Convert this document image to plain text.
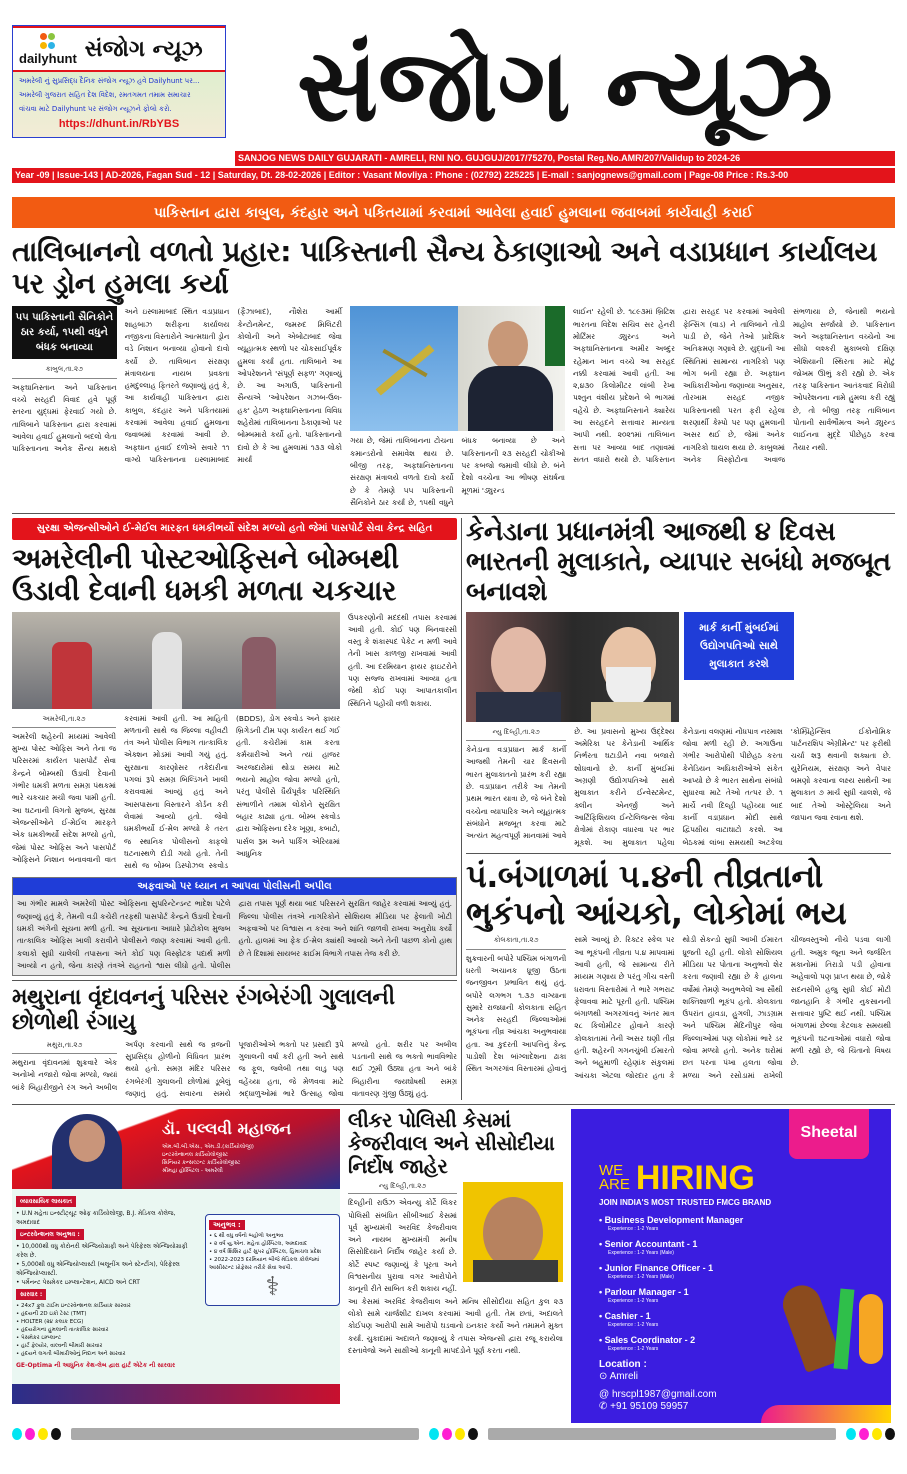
dailyhunt સંજોગ ન્યૂઝ
અમરેલી નું સુપ્રસિદ્ધ દૈનિક સંજોગ ન્યૂઝ હવે Dailyhunt પર...
અમરેલી ગુજરાત સહિત દેશ વિદેશ, રમતગમત તમામ સમાચાર
વાંચવા માટે Dailyhunt પર સંજોગ ન્યૂઝને ફોલો કરો.
https://dhunt.in/RbYBS	સંજોગ ન્યૂઝ
SANJOG NEWS DAILY GUJARATI - AMRELI, RNI NO. GUJGUJ/2017/75270, Postal Reg.No.AMR/207/Validup to 2024-26
Year -09 | Issue-143 | AD-2026, Fagan Sud - 12 | Saturday, Dt. 28-02-2026 | Editor : Vasant Movliya : Phone : (02792) 225225 | E-mail : sanjognews@gmail.com | Page-08 Price : Rs.3-00
પાકિસ્તાન દ્વારા કાબુલ, કંદહાર અને પકિતયામાં કરવામાં આવેલા હવાઈ હુમલાના જવાબમાં કાર્યવાહી કરાઈ
તાલિબાનનો વળતો પ્રહાર: પાકિસ્તાની સૈન્ય ઠેકાણાઓ અને વડાપ્રધાન કાર્યાલય પર ડ્રોન હુમલા કર્યા
૫૫ પાકિસ્તાની સૈનિકોને ઠાર કર્યા, ૧૫થી વધુને બંધક બનાવ્યા
કાબુલ,તા.૨૭
અફઘાનિસ્તાન અને પાકિસ્તાન વચ્ચે સરહદી વિવાદ હવે પૂર્ણ સ્તરના યુદ્ધમાં ફેરવાઈ ગયો છે. તાલિબાને પાકિસ્તાન દ્વારા કરવામાં આવેલા હવાઈ હુમલાનો બદલો લેતા પાકિસ્તાનના અનેક સૈન્ય મથકો અને ઇસ્લામાબાદ સ્થિત વડાપ્રધાન શાહબાઝ શરીફના કાર્યાલય નજીકના વિસ્તારોને આત્મઘાતી ડ્રોન વડે નિશાન બનાવ્યા હોવાનો દાવો કર્યો છે. તાલિબાન સંરક્ષણ મંત્રાલયના નાયબ પ્રવક્તા હમદુલ્લાહ ફિતરતે જણાવ્યું હતું કે, આ કાર્યવાહી પાકિસ્તાન દ્વારા કાબુલ, કંદહાર અને પકિતયામાં કરવામાં આવેલા હવાઈ હુમલાના જવાબમાં કરવામાં આવી છે. અફઘાન હવાઈ દળોએ સવારે ૧૧ વાગ્યે પાકિસ્તાનના ઇસ્લામાબાદ (ફૈઝાબાદ), નૌશેરા આર્મી કેન્ટોનમેન્ટ, જમરુદ મિલિટરી કોલોની અને એબોટાબાદ જેવા વ્યૂહાત્મક સ્થળો પર ચોકસાઈપૂર્વક હુમલા કર્યા હતા. તાલિબાને આ ઓપરેશનને 'સંપૂર્ણ સફળ' ગણાવ્યું છે. આ અગાઉ, પાકિસ્તાની સૈન્યએ 'ઓપરેશન ગઝબ-ઉલ-હક' હેઠળ અફઘાનિસ્તાનના વિવિધ શહેરોમાં તાલિબાનના ઠેકાણાઓ પર બોમ્બમારો કર્યો હતો. પાકિસ્તાનનો દાવો છે કે આ હુમલામાં ૧૩૩ લોકો માર્યા
ગયા છે, જેમાં તાલિબાનના ટોચના કમાન્ડરોનો સમાવેશ થાય છે. બીજી તરફ, અફઘાનિસ્તાનના સંરક્ષણ મંત્રાલયે વળતો દાવો કર્યો છે કે તેમણે ૫૫ પાકિસ્તાની સૈનિકોને ઠાર કર્યા છે, ૧૫થી વધુને બંધક બનાવ્યા છે અને પાકિસ્તાનની ૨૩ સરહદી ચોકીઓ પર કબજો જમાવી લીધો છે. બંને દેશો વચ્ચેના આ ભીષણ સંઘર્ષના મૂળમાં 'ડ્યુરન્ડ
લાઈન' રહેલી છે. ૧૮૯૩માં બ્રિટિશ ભારતના વિદેશ સચિવ સર હેનરી મોર્ટિમર ડ્યુરન્ડ અને અફઘાનિસ્તાનના અમીર અબ્દુર રહેમાન ખાન વચ્ચે આ સરહદ નક્કી કરવામાં આવી હતી. આ ૨,૪૩૦ કિલોમીટર લાંબી રેખા પશ્તુન વંશીય પ્રદેશને બે ભાગમાં વહેંચે છે. અફઘાનિસ્તાને ક્યારેય આ સરહદને સત્તાવાર માન્યતા આપી નથી. ૨૦૨૧માં તાલિબાન સત્તા પર આવ્યા બાદ તણાવમાં સતત વધારો થયો છે. પાકિસ્તાન દ્વારા સરહદ પર કરવામાં આવેલી ફેન્સિંગ (વાડ) ને તાલિબાને તોડી પાડી છે, જેને તેઓ પ્રાદેશિક અતિક્રમણ ગણાવે છે. યુદ્ધની આ સ્થિતિમાં સામાન્ય નાગરિકો પણ ભોગ બની રહ્યા છે. અફઘાન અધિકારીઓના જણાવ્યા અનુસાર, તોરખામ સરહદ નજીક પાકિસ્તાનથી પરત ફરી રહેલા શરણાર્થી કેમ્પો પર પણ હુમલાની અસર થઈ છે, જેમાં અનેક નાગરિકો ઘાયલ થયા છે. કાબુલમાં અનેક વિસ્ફોટોના અવાજ સંભળાયા છે, જેનાથી ભયનો માહોલ સર્જાયો છે. પાકિસ્તાન અને અફઘાનિસ્તાન વચ્ચેનો આ સીધો લશ્કરી મુકાબલો દક્ષિણ એશિયાની સ્થિરતા માટે મોટું જોખમ ઊભું કરી રહ્યો છે. એક તરફ પાકિસ્તાન આતંકવાદ વિરોધી ઓપરેશનના નામે હુમલા કરી રહ્યું છે, તો બીજી તરફ તાલિબાન પોતાની સાર્વભૌમત્વ અને ડ્યુરન્ડ લાઈનના મુદ્દે પીછેહઠ કરવા તૈયાર નથી.
સુરક્ષા એજન્સીઓને ઈ-મેઈલ મારફત ધમકીભર્યો સંદેશ મળ્યો હતો જેમાં પાસપોર્ટ સેવા કેન્દ્ર સહિત
અમરેલીની પોસ્ટઓફિસને બોમ્બથી ઉડાવી દેવાની ધમકી મળતા ચકચાર
અમરેલી,તા.૨૭
અમરેલી શહેરની મધ્યમાં આવેલી મુખ્ય પોસ્ટ ઓફિસ અને તેના જ પરિસરમાં કાર્યરત પાસપોર્ટ સેવા કેન્દ્રને બોમ્બથી ઉડાવી દેવાની ગંભીર ધમકી મળતા સમગ્ર પંથકમાં ભારે ચકચાર મચી જવા પામી હતી. આ ઘટનાની વિગતો મુજબ, સુરક્ષા એજન્સીઓને ઈ-મેઈલ મારફતે એક ધમકીભર્યો સંદેશ મળ્યો હતો, જેમાં પોસ્ટ ઓફિસ અને પાસપોર્ટ ઓફિસને નિશાન બનાવવાની વાત કરવામાં આવી હતી. આ માહિતી મળતાની સાથે જ જિલ્લા વહીવટી તંત્ર અને પોલીસ વિભાગ તાત્કાલિક એક્શન મોડમાં આવી ગયું હતું. સુરક્ષાના કારણોસર તકેદારીના પગલાં રૂપે સમગ્ર બિલ્ડિંગને ખાલી કરાવવામાં આવ્યું હતું અને આસપાસના વિસ્તારને કોર્ડન કરી લેવામાં આવ્યો હતો. જેવો ધમકીભર્યો ઈ-મેલ મળ્યો કે તરત જ સ્થાનિક પોલીસનો કાફલો ઘટનાસ્થળે દોડી ગયો હતો. તેની સાથે જ બોમ્બ ડિસ્પોઝલ સ્કવોડ (BDDS), ડોગ સ્કવોડ અને ફાયર બ્રિગેડની ટીમ પણ કાર્યરત થઈ ગઈ હતી. કચેરીમાં કામ કરતા કર્મચારીઓ અને ત્યાં હાજર અરજદારોમાં થોડા સમય માટે ભયનો માહોલ જોવા મળ્યો હતો, પરંતુ પોલીસે ધૈર્યપૂર્વક પરિસ્થિતિ સંભાળીને તમામ લોકોને સુરક્ષિત બહાર કાઢ્યા હતા. બોમ્બ સ્કવોડ દ્વારા ઓફિસના દરેક ખૂણા, કબાટો, પાર્સલ રૂમ અને પાર્કિંગ એરિયામાં આધુનિક
ઉપકરણોની મદદથી તપાસ કરવામાં આવી હતી. કોઈ પણ બિનવારસી વસ્તુ કે શંકાસ્પદ પેકેટ ન મળી આવે તેની ખાસ કાળજી રાખવામાં આવી હતી. આ દરમિયાન ફાયર ફાઇટરોને પણ સજ્જ રાખવામાં આવ્યા હતા જેથી કોઈ પણ આપાતકાલીન સ્થિતિને પહોંચી વળી શકાય.
અફવાઓ પર ધ્યાન ન આપવા પોલીસની અપીલ
આ ગંભીર મામલે અમરેલી પોસ્ટ ઓફિસના સુપરિન્ટેન્ડન્ટ ભાદેશ પટેલે જણાવ્યું હતું કે, તેમની વડી કચેરી તરફથી પાસપોર્ટ કેન્દ્રને ઉડાવી દેવાની ધમકી અંગેની સૂચના મળી હતી. આ સૂચનાના આધારે પ્રોટોકોલ મુજબ તાત્કાલિક ઓફિસ ખાલી કરાવીને પોલીસને જાણ કરવામાં આવી હતી. કલાકો સુધી ચાલેલી તપાસના અંતે કોઈ પણ વિસ્ફોટક પદાર્થ મળી આવ્યો ન હતો, જેના કારણે તંત્રએ રાહતનો શ્વાસ લીધો હતો. પોલીસ દ્વારા તપાસ પૂર્ણ થયા બાદ પરિસરને સુરક્ષિત જાહેર કરવામાં આવ્યું હતું. જિલ્લા પોલીસ તંત્રએ નાગરિકોને સોશિયલ મીડિયા પર ફેલાતી ખોટી અફવાઓ પર વિશ્વાસ ન કરવા અને શાંતિ જાળવી રાખવા અનુરોધ કર્યો હતો. હાલમાં આ ફેક ઈ-મેલ ક્યાંથી આવ્યો અને તેની પાછળ કોનો હાથ છે તે દિશામાં સાયબર ક્રાઈમ વિભાગે તપાસ તેજ કરી છે.
મથુરાના વૃંદાવનનું પરિસર રંગબેરંગી ગુલાલની છોળોથી રંગાયુ
મથુરા,તા.૨૭
મથુરાના વૃંદાવનમાં શુક્રવારે એક અનોખો નજારો જોવા મળ્યો, જ્યાં બાંકે બિહારીજીને રંગ અને અબીલ અર્પણ કરવાની સાથે જ વ્રજની સુપ્રસિદ્ધ હોળીનો વિધિવત પ્રારંભ થયો હતો. સમગ્ર મંદિર પરિસર રંગબેરંગી ગુલાલની છોળોમાં ડૂબેલું જણાતું હતું. સવારના સમયે પૂજારીઓએ ભક્તો પર પ્રસાદી રૂપે ગુલાલની વર્ષા કરી હતી અને સાથે જ ફૂલ, જલેબી તથા લાડુ પણ વહેંચ્યા હતા, જે મેળવવા માટે શ્રદ્ધાળુઓમાં ભારે ઉત્સાહ જોવા મળ્યો હતો. શરીર પર અબીલ પડતાની સાથે જ ભક્તો ભાવવિભોર થઈ ઝૂમી ઉઠ્યા હતા અને બાંકે બિહારીના જયઘોષથી સમગ્ર વાતાવરણ ગુંજી ઉઠ્યું હતું.
કેનેડાના પ્રધાનમંત્રી આજથી ૪ દિવસ ભારતની મુલાકાતે, વ્યાપાર સબંધો મજબૂત બનાવશે
માર્ક કાર્ની મુંબઈમાં ઉદ્યોગપતિઓ સાથે મુલાકાત કરશે
ન્યુ દિલ્હી,તા.૨૭
કેનેડાના વડાપ્રધાન માર્ક કાર્ની આજથી તેમની ચાર દિવસની ભારત મુલાકાતનો પ્રારંભ કરી રહ્યા છે. વડાપ્રધાન તરીકે આ તેમની પ્રથમ ભારત યાત્રા છે, જે બંને દેશો વચ્ચેના વ્યાપારિક અને વ્યૂહાત્મક સંબંધોને મજબૂત કરવા માટે અત્યંત મહત્વપૂર્ણ માનવામાં આવે છે. આ પ્રવાસનો મુખ્ય ઉદ્દેશ્ય અમેરિકા પર કેનેડાની આર્થિક નિર્ભરતા ઘટાડીને નવા બજારો શોધવાનો છે. કાર્ની મુંબઈમાં અગ્રણી ઉદ્યોગપતિઓ સાથે મુલાકાત કરીને ઈન્વેસ્ટમેન્ટ, ક્લીન એનર્જી અને આર્ટિફિશિયલ ઈન્ટેલિજન્સ જેવા ક્ષેત્રોમાં રોકાણ વધારવા પર ભાર મૂકશે. આ મુલાકાત પહેલા કેનેડાના વલણમાં નોંધપાત્ર નરમાશ જોવા મળી રહી છે. અગાઉના ગંભીર આરોપોથી પીછેહઠ કરતા કેનેડિયન અધિકારીઓએ સંકેત આપ્યો છે કે ભારત સાથેના સંબંધો સુધારવા માટે તેઓ તત્પર છે. ૧ માર્ચે નવી દિલ્હી પહોંચ્યા બાદ કાર્ની વડાપ્રધાન મોદી સાથે દ્વિપક્ષીય વાટાઘાટો કરશે. આ બેઠકમાં લાંબા સમયથી અટકેલા 'કોમ્પ્રિહેન્સિવ ઈકોનોમિક પાર્ટનરશિપ એગ્રીમેન્ટ' પર ફરીથી ચર્ચા શરૂ થવાની શક્યતા છે. યુરેનિયમ, સંરક્ષણ અને વેપાર બમણો કરવાના લક્ષ્ય સાથેની આ મુલાકાત ૭ માર્ચ સુધી ચાલશે, જે બાદ તેઓ ઓસ્ટ્રેલિયા અને જાપાન જવા રવાના થશે.
પં.બંગાળમાં ૫.૪ની તીવ્રતાનો ભુકંપનો આંચકો, લોકોમાં ભય
કોલકાતા,તા.૨૭
શુક્રવારની બપોરે પશ્ચિમ બંગાળની ધરતી અચાનક ધ્રૂજી ઉઠતા જનજીવન પ્રભાવિત થયું હતું. બપોરે લગભગ ૧.૩૭ વાગ્યાના સુમારે રાજધાની કોલકાતા સહિત અનેક સરહદી જિલ્લાઓમાં ભૂકંપના તીવ્ર આંચકા અનુભવાયા હતા. આ કુદરતી આપત્તિનું કેન્દ્ર પાડોશી દેશ બાંગ્લાદેશના ઢાકા સ્થિત અગરગાંવ વિસ્તારમાં હોવાનું સામે આવ્યું છે. રિક્ટર સ્કેલ પર આ ભૂકંપની તીવ્રતા ૫.૪ માપવામાં આવી હતી, જે સામાન્ય રીતે મધ્યમ ગણાય છે પરંતુ ગીચ વસ્તી ધરાવતા વિસ્તારોમાં તે ભારે ગભરાટ ફેલાવવા માટે પૂરતી હતી. પશ્ચિમ બંગાળથી અગરગાંવનું અંતર માત્ર ૨૮ કિલોમીટર હોવાને કારણે કોલકાતામાં તેની અસર ઘણી તીવ્ર હતી. શહેરની ગગનચુંબી ઈમારતો અને બહુમાળી રહેણાંક સંકુલમાં આંચકા એટલા જોરદાર હતા કે થોડી સેકન્ડો સુધી આખી ઈમારત ધ્રૂજતી રહી હતી. લોકો સોશિયલ મીડિયા પર પોતાના અનુભવો શેર કરતા જણાવી રહ્યા છે કે હાલના વર્ષોમાં તેમણે અનુભવેલો આ સૌથી શક્તિશાળી ભૂકંપ હતો. કોલકાતા ઉપરાંત હાવડા, હુગલી, ઝાડગ્રામ અને પશ્ચિમ મેદિનીપુર જેવા જિલ્લાઓમાં પણ લોકોમાં ભારે ડર જોવા મળ્યો હતો. અનેક ઘરોમાં છત પરના પંખા હલતા જોવા મળ્યા અને રસોડામાં રાખેલી ચીજવસ્તુઓ નીચે પડવા લાગી હતી. અમુક જૂના અને જર્જરિત મકાનોમાં તિરાડો પડી હોવાના અહેવાલો પણ પ્રાપ્ત થયા છે, જોકે સદનસીબે હજુ સુધી કોઈ મોટી જાનહાનિ કે ગંભીર નુકસાનની સત્તાવાર પુષ્ટિ થઈ નથી. પશ્ચિમ બંગાળમાં છેલ્લા કેટલાક સમયથી ભૂકંપની ઘટનાઓમાં વધારો જોવા મળી રહ્યો છે, જે ચિંતાનો વિષય છે.
ડૉ. પલ્લવી મહાજન
એમ.બી.બી.એસ., એમ.ડી.(કાર્ડિયોલોજી)
ઇન્ટરવેન્શનલ કાર્ડિયોલોજીસ્ટ
સિનિયર કન્સલ્ટન્ટ કાર્ડિયોલોજીસ્ટ
શ્રીમહા હોસ્પિટલ - અમરેલી
વ્યાવસાયિક લાયકાત
• U.N મહેતા ઇન્સ્ટીટ્યૂટ ઓફ કાર્ડિયોલોજી, B.J. મેડિકલ કોલેજ, અમદાવાદ
ઇન્ટરવેન્શનલ અનુભવ :
• 10,000થી વધુ કોરોનરી એન્જિયોગ્રાફી અને પેરિફેરલ એન્જિયોગ્રાફી કરેલ છે.
• 5,000થી વધુ એન્જિયોપ્લાસ્ટી (બલૂનીંગ અને સ્ટેન્ટીંગ), પેરિફેરલ એન્જિયોપ્લાસ્ટી.
• પર્મેનન્ટ પેસમેકર ઇમ્પ્લાન્ટેશન, AICD અને CRT
સારવાર :
• 24x7 ફુલ ટાઈમ ઇન્ટરવેન્શનલ કાર્ડિયાક સારવાર
• હૃદયની 2D ઇકો ટેસ્ટ (TMT)
• HOLTER (૨૪ કલાક ECG)
• હૃદયરોગના હુમલાની તાત્કાલિક સારવાર
• પેસમેકર ઇમ્પ્લાન્ટ
• હાર્ટ ફેલ્યોર, વાલ્વની બીમારી સારવાર
• હૃદયને લગતી બીમારીઓનું નિદાન અને સારવાર
GE-Optima ની આધુનિક કેથ-લેબ દ્વારા હાર્ટ એટેક ની સારવાર
અનુભવ :
• ૬ થી વધુ વર્ષનો બહોળો અનુભવ
• ૨ વર્ષ યુ.એન. મહેતા હોસ્પિટલ, અમદાવાદ
• ૪ વર્ષ શિશિર હાર્ટ સુપર હોસ્પિટલ, હિમાચલ પ્રદેશ
• 2022-2023 દરમિયાન બીજે મેડિકલ કોલેજમાં આસીસ્ટન્ટ પ્રોફેસર તરીકે સેવા આપી.
⚕
લીકર પોલિસી કેસમાં કેજરીવાલ અને સીસોદીયા નિર્દોષ જાહેર
ન્યુ દિલ્હી,તા.૨૭
દિલ્હીની રાઉઝ એવન્યુ કોર્ટે લિકર પોલિસી સંબંધિત સીબીઆઈ કેસમાં પૂર્વ મુખ્યમંત્રી અરવિંદ કેજરીવાલ અને નાયબ મુખ્યમંત્રી મનીષ સિસોદિયાને નિર્દોષ જાહેર કર્યા છે. કોર્ટે સ્પષ્ટ જણાવ્યું કે પૂરતા અને વિશ્વસનીય પુરાવા વગર આરોપોને કાનૂની રીતે સાબિત કરી શકાય નહીં. આ કેસમાં અરવિંદ કેજરીવાલ અને મનિષ સીસોદીયા સહિત કુલ ૨૩ લોકો સામે ચાર્જશીટ દાખલ કરવામાં આવી હતી. તેમ છતાં, અદાલતે કોઈપણ આરોપી સામે આરોપો ઘડવાનો ઇનકાર કર્યો અને તમામને મુક્ત કર્યા. ચુકાદામાં અદાલતે જણાવ્યું કે તપાસ એજન્સી દ્વારા રજૂ કરાયેલા દસ્તાવેજો અને સાક્ષીઓ કાનૂની માપદંડોને પૂર્ણ કરતા નથી.
Sheetal
WE
ARE HIRING
JOIN INDIA'S MOST TRUSTED FMCG BRAND
• Business Development Manager
Experience : 1-2 Years
• Senior Accountant - 1
Experience : 1-2 Years (Male)
• Junior Finance Officer - 1
Experience : 1-2 Years (Male)
• Parlour Manager - 1
Experience : 1-2 Years
• Cashier - 1
Experience : 1-2 Years
• Sales Coordinator - 2
Experience : 1-2 Years
Location :
⊙ Amreli
@ hrscpl1987@gmail.com
✆ +91 95109 59957
